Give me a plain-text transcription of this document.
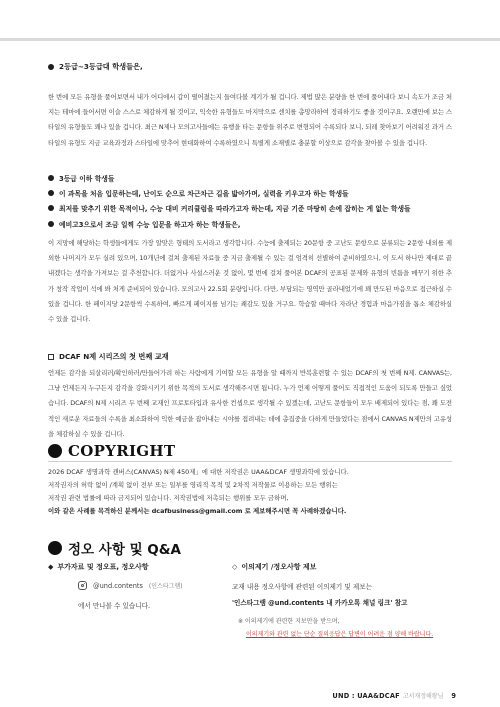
2등급~3등급대 학생들은,

한 번에 모든 유형을 풀어보면서 내가 어디에서 갑이 떨어졌는지 들여다볼 계기가 될 겁니다. 제법 많은 분량을 한 번에 풀어내다 보니 속도가 조금 처지는 테마에 들어서면 이슬 스스로 체감하게 될 것이고, 익숙한 유형들도 마지막으로 센치를 총망라하여 정리하기도 좋을 것이구요. 오랜만에 보는 스타일의 유형들도 꽤나 있을 겁니다. 최근 N제나 모의고사들에는 유행을 타는 문항들 위주로 변형되어 수록되다 보니, 되레 찾아보기 어려워진 과거 스타일의 유형도 지금 교육과정과 스타일에 맞추어 현대화하여 수록하였으니 특별게 소재별로 충분할 이상으로 감각을 찾아볼 수 있을 겁니다.

3등급 이하 학생들
이 과목을 처음 입문하는데, 난이도 순으로 차근차근 길을 밟아가며, 실력을 키우고자 하는 학생들
최저를 맞추기 위한 목적이나, 수능 대비 커리큘럼을 따라가고자 하는데, 지금 기준 마땅히 손에 잡히는 게 없는 학생들
예비고3으로서 조금 일찍 수능 입문을 하고자 하는 학생들은,

이 지망에 해당하는 학생들에게도 가장 알맞은 형태의 도서라고 생각합니다. 수능에 출제되는 20문항 중 고난도 문항으로 분류되는 2문항 내외를 제외한 나머지가 모두 실려 있으며, 10개년에 걸쳐 출제된 자료들 중 지금 출제될 수 있는 걸 엄격히 선별하여 준비하였으니, 이 도서 하나만 제대로 끝내겠다는 생각을 가져보는 걸 추천합니다. 더없거나 사설스러운 것 없이, 몇 번에 걸쳐 풀어본 DCAF의 공표된 문제와 유형의 빈틈을 메꾸기 위한 추가 창작 작업이 석에 봐 처게 준비되어 있습니다. 모의고사 22.5회 분량입니다. 다만, 부담되는 영역만 골라내었기에 꽤 만도된 마음으로 접근하실 수 있을 겁니다. 한 페이지당 2문항씩 수록하여, 빠르게 페이지를 넘기는 쾌감도 있을 거구요. 학습할 때마다 자라난 경험과 마음가짐을 톱소 체감하실 수 있을 겁니다.

DCAF N제 시리즈의 첫 번째 교재

언제든 감각을 되살리러/확인하러/만들어가려 하는 사람에게 기여할 모든 유형을 알 때까지 반복훈련할 수 있는 DCAF의 첫 번째 N제. CANVAS는, 그냥 언제든지 누구든지 감각을 강화시키기 위한 목적의 도서로 생각해주시면 됩니다. 누가 언제 어떻게 풀어도 직접적인 도움이 되도록 만들고 싶었습니다. DCAF의 N제 시리즈 두 번째 교재인 프로토타입과 유사한 컨셉으로 생각될 수 있겠는데, 고난도 문항들이 모두 배제되어 있다는 점, 꽤 도전적인 새로운 자료들의 수록을 최소화하여 익한 예금을 잡아내는 시야를 접려내는 데에 총집중을 다하게 만들었다는 점에서 CANVAS N제만의 고유성을 체감하실 수 있을 겁니다.

COPYRIGHT

2026 DCAF 생명과학 캔버스(CANVAS) N제 450제」에 대한 저작권은 UAA&DCAF 생명과학에 있습니다.

저작권자의 허락 없이 /계획 없이 전부 또는 일부를 영리적 목적 및 2차적 저작물로 이용하는 모든 행위는

저작권 관련 법률에 따라 금지되어 있습니다. 저작권법에 저촉되는 행위를 모두 금하며,

이와 같은 사례를 목격하신 분께서는 dcafbusiness@gmail.com 로 제보해주시면 꼭 사례하겠습니다.

정오 사항 및 Q&A
◆ 부가자료 및 정오표, 정오사항
@und.contents (인스타그램)

에서 만나볼 수 있습니다.

◇ 이의제기 /정오사항 제보

교재 내용 정오사항에 관련된 이의제기 및 제보는

'인스타그램 @und.contents 내 카카오톡 채널 링크' 참고

※ 이의제기에 관련한 지보만을 받으며,

이의제기와 관련 없는 단순 질의응답은 답변이 어려운 점 양해 바랍니다.

UND : UAA&DCAF 고서재정해왕님 9
